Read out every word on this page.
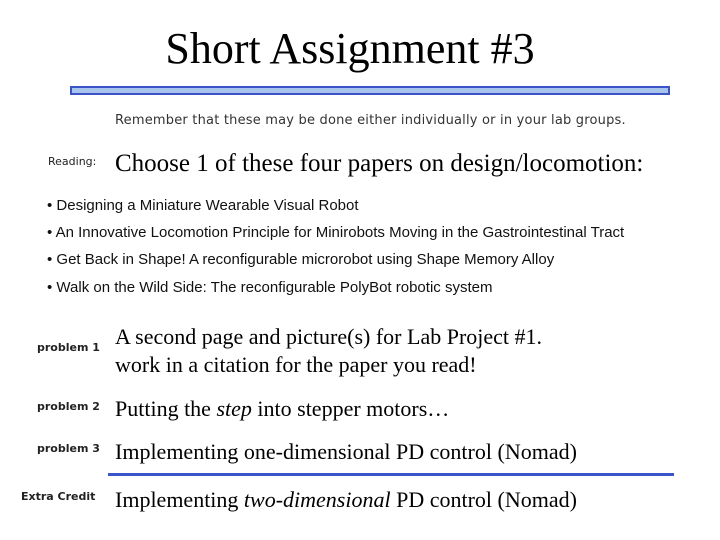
Short Assignment #3
Remember that these may be done either individually or in your lab groups.
Reading: Choose 1 of these four papers on design/locomotion:
• Designing a Miniature Wearable Visual Robot
• An Innovative Locomotion Principle for Minirobots Moving in the Gastrointestinal Tract
• Get Back in Shape! A reconfigurable microrobot using Shape Memory Alloy
• Walk on the Wild Side: The reconfigurable PolyBot robotic system
problem 1 A second page and picture(s) for Lab Project #1.
work in a citation for the paper you read!
problem 2 Putting the step into stepper motors…
problem 3 Implementing one-dimensional PD control (Nomad)
Extra Credit Implementing two-dimensional PD control (Nomad)
